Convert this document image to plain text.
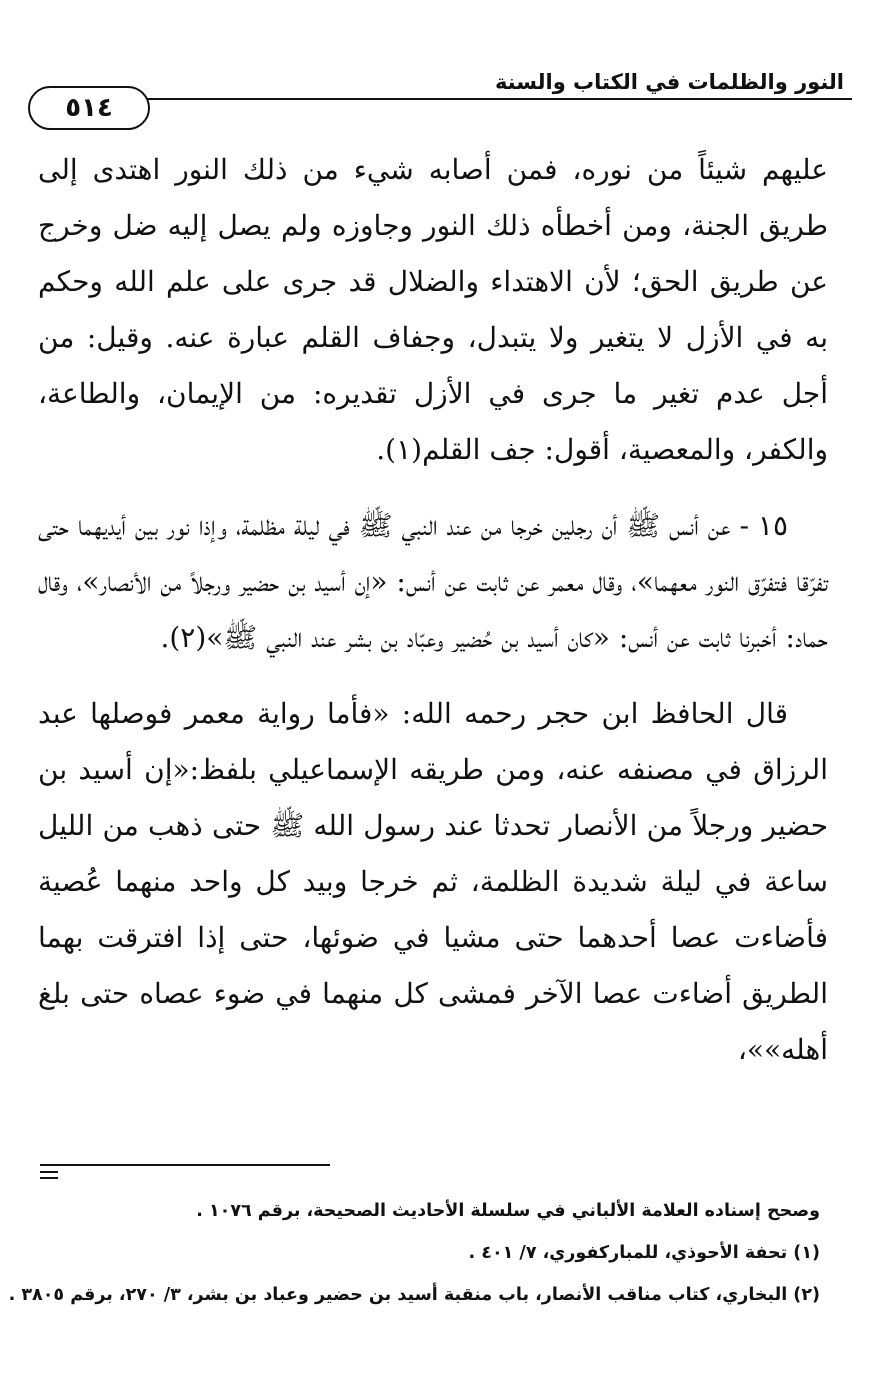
النور والظلمات في الكتاب والسنة
٥١٤

عليهم شيئاً من نوره، فمن أصابه شيء من ذلك النور اهتدى إلى طريق الجنة، ومن أخطأه ذلك النور وجاوزه ولم يصل إليه ضل وخرج عن طريق الحق؛ لأن الاهتداء والضلال قد جرى على علم الله وحكم به في الأزل لا يتغير ولا يتبدل، وجفاف القلم عبارة عنه. وقيل: من أجل عدم تغير ما جرى في الأزل تقديره: من الإيمان، والطاعة، والكفر، والمعصية، أقول: جف القلم(١).

١٥ - عن أنس ﷺ أن رجلين خرجا من عند النبي ﷺ في ليلة مظلمة، وإذا نور بين أيديهما حتى تفرّقا فتفرّق النور معهما»، وقال معمر عن ثابت عن أنس: «إن أسيد بن حضير ورجلاً من الأنصار»، وقال حماد: أخبرنا ثابت عن أنس: «كان أسيد بن حُضير وعبّاد بن بشر عند النبي ﷺ»(٢).

قال الحافظ ابن حجر رحمه الله: «فأما رواية معمر فوصلها عبد الرزاق في مصنفه عنه، ومن طريقه الإسماعيلي بلفظ:«إن أسيد بن حضير ورجلاً من الأنصار تحدثا عند رسول الله ﷺ حتى ذهب من الليل ساعة في ليلة شديدة الظلمة، ثم خرجا وبيد كل واحد منهما عُصية فأضاءت عصا أحدهما حتى مشيا في ضوئها، حتى إذا افترقت بهما الطريق أضاءت عصا الآخر فمشى كل منهما في ضوء عصاه حتى بلغ أهله»»،

وصحح إسناده العلامة الألباني في سلسلة الأحاديث الصحيحة، برقم ١٠٧٦ .

(١) تحفة الأحوذي، للمباركفوري، ٧/ ٤٠١ .

(٢) البخاري، كتاب مناقب الأنصار، باب منقبة أسيد بن حضير وعباد بن بشر، ٣/ ٢٧٠، برقم ٣٨٠٥ .
